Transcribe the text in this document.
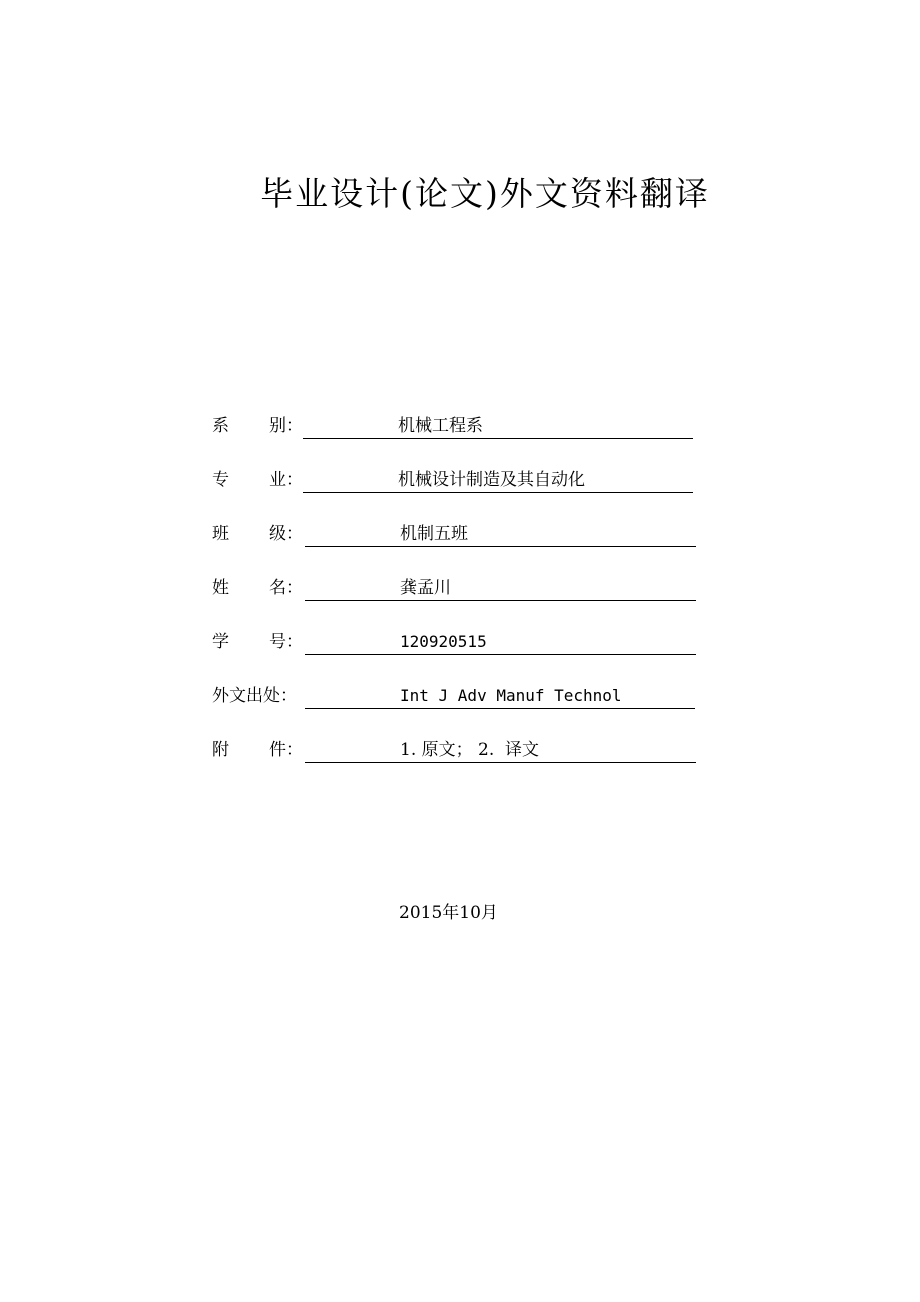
毕业设计(论文)外文资料翻译
系 别 ：	机械工程系
专 业 ：	机械设计制造及其自动化
班 级 ：	机制五班
姓 名 ：	龚孟川
学 号 ：	120920515
外文出处：	Int J Adv Manuf Technol
附 件 ：	1. 原文； 2.  译文
2015年10月
